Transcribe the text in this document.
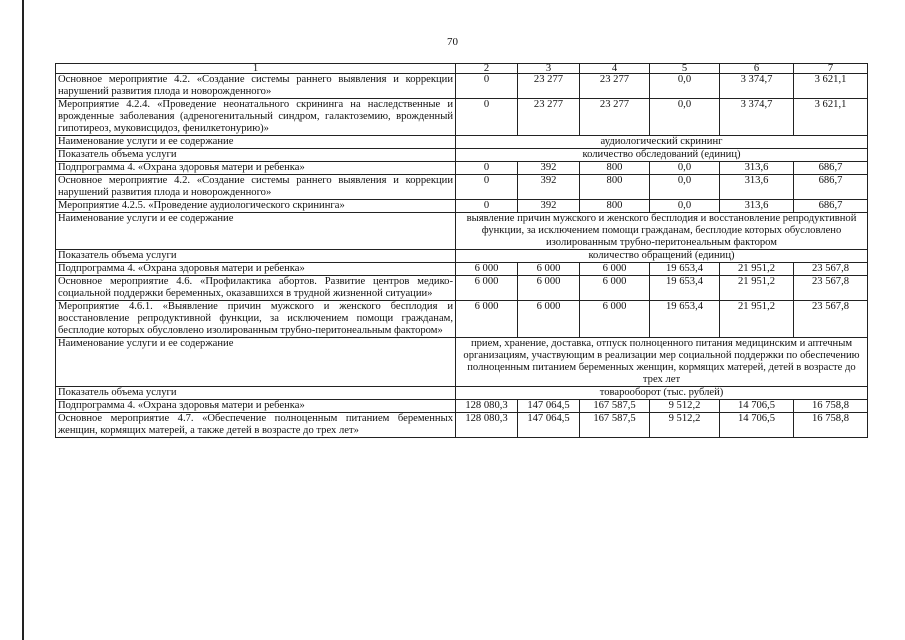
70
1	2	3	4	5	6	7
Основное мероприятие 4.2. «Создание системы раннего выявления и коррекции нарушений развития плода и новорожденного»	0	23 277	23 277	0,0	3 374,7	3 621,1
Мероприятие 4.2.4. «Проведение неонатального скрининга на наследственные и врожденные заболевания (адреногенитальный синдром, галактоземию, врожденный гипотиреоз, муковисцидоз, фенилкетонурию)»	0	23 277	23 277	0,0	3 374,7	3 621,1
Наименование услуги и ее содержание	аудиологический скрининг					
Показатель объема услуги	количество обследований (единиц)					
Подпрограмма 4. «Охрана здоровья матери и ребенка»	0	392	800	0,0	313,6	686,7
Основное мероприятие 4.2. «Создание системы раннего выявления и коррекции нарушений развития плода и новорожденного»	0	392	800	0,0	313,6	686,7
Мероприятие 4.2.5. «Проведение аудиологического скрининга»	0	392	800	0,0	313,6	686,7
Наименование услуги и ее содержание	выявление причин мужского и женского бесплодия и восстановление репродуктивной функции, за исключением помощи гражданам, бесплодие которых обусловлено изолированным трубно-перитонеальным фактором					
Показатель объема услуги	количество обращений (единиц)					
Подпрограмма 4. «Охрана здоровья матери и ребенка»	6 000	6 000	6 000	19 653,4	21 951,2	23 567,8
Основное мероприятие 4.6. «Профилактика абортов. Развитие центров медико-социальной поддержки беременных, оказавшихся в трудной жизненной ситуации»	6 000	6 000	6 000	19 653,4	21 951,2	23 567,8
Мероприятие 4.6.1. «Выявление причин мужского и женского бесплодия и восстановление репродуктивной функции, за исключением помощи гражданам, бесплодие которых обусловлено изолированным трубно-перитонеальным фактором»	6 000	6 000	6 000	19 653,4	21 951,2	23 567,8
Наименование услуги и ее содержание	прием, хранение, доставка, отпуск полноценного питания медицинским и аптечным организациям, участвующим в реализации мер социальной поддержки по обеспечению полноценным питанием беременных женщин, кормящих матерей, детей в возрасте до трех лет					
Показатель объема услуги	товарооборот (тыс. рублей)					
Подпрограмма 4. «Охрана здоровья матери и ребенка»	128 080,3	147 064,5	167 587,5	9 512,2	14 706,5	16 758,8
Основное мероприятие 4.7. «Обеспечение полноценным питанием беременных женщин, кормящих матерей, а также детей в возрасте до трех лет»	128 080,3	147 064,5	167 587,5	9 512,2	14 706,5	16 758,8
